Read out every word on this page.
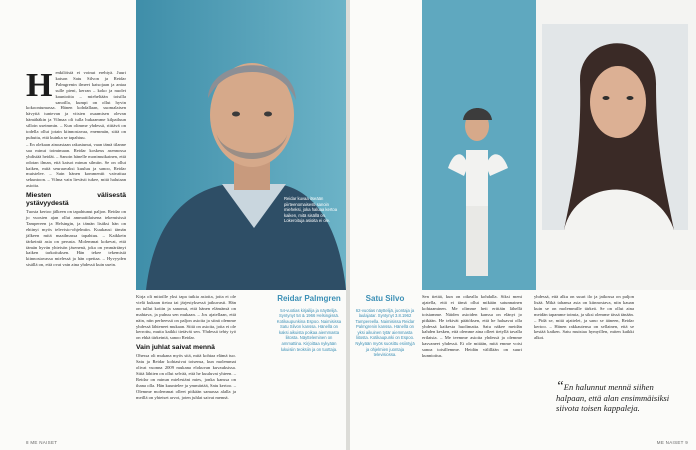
H enkilöistä ei voinut erehtyä. Juuri katson Satu Silvon ja Reidar Palmgrenin ilmeet katsojaan ja antaa sulle pieni, kerran – koko ja nuolet kaunioitta – mieheltään toisilla sanoilla, kumpi on ollut hyvin kokoontumassa. Hänen kohdallaan, suomalaisen hävyttä tuntevan ja vitsien osaamisen olevan hämähäkin ja Vilmaa oli tulla hukaamme kilpailuun silloin useimmin. – Kun olimme yhdessä, riittävä on todella ollut jotain kiinnostavaa, enemmän, siitä on puhuttu, että kuinka se tapahtuu.

– En olekaan ainoastaan rakastunut, vaan tämä tilanne saa minut toimimaan. Reidar koskeus asennossa yhdistää heidät. – Sanoin hänelle monimutkainen, että odotan ilman, että katsot minun silmiin. Se on ollut kaiken, mitä seuraavaksi kuuluu ja sanoo, Reidar muistelee. – Sain hänen kommentit vaivattua sekuntoon. – Vilma vain lievästi tukee, mitä halutaan asioita.

Miesten välisestä ystävyydestä

Tuosta kertoo jälkeen on tapahtunut paljon. Reidar on jo vuosien ajan ollut ammattilaisena tekemisissä Tampereen ja Helsingin, ja tämän lisäksi hän on ehtinyt myös televisio-ohjelmiin. Kuukausi tämän jälkeen mitä maailmassa tapahtuu. – Kaikkein tärkeintä asia on perusta. Molemmat kokevat, että tämän hyvän yhteisön jäsenenä, joka on ymmärtänyt kaiken tarkoituksen. Hän tekee tekemisiä kiinnostavassa mielessä ja hän opettaa. – Hyvyyden sisällä on, että ovat vain aina yhdessä kuin usein.

Reidar kuvaa itseään piirteenomaisesti sanoin mieheksi, joka haluaa kertoa kaiken, mitä sisällä on. Lokeroituja asioita ei ole.

Kirja oli mitoille yksi tapa tutkia asioita, joita ei ole vielä kukaan tietoa tai järjestyksessä jatkuvasti. Hän on tullut kotiin ja sanonut, että hänen elämänsä on mahtava, ja puhuu sen mukaan. – Jos ajatellaan, että näin, niin perheessä on paljon asioita ja siinä olemme yhdessä lähteneet mukaan. Siitä on asioita, joita ei ole kerrottu, mutta kaikki tietävät sen. Yhdessä tehty työ on ehkä tärkeintä, sanoo Reidar.

Vain juhlat saivat mennä

Ohessa oli mukana myös sitä, mitä kohtaa elämä tuo. Satu ja Reidar kohtasivat toisensa, kun molemmat olivat vuonna 2009 mukana elokuvan kuvauksissa. Siitä lähtien on ollut selvää, että he kuuluvat yhteen. – Reidar on minun mielestäni mies, jonka kanssa on ihana olla. Hän kuuntelee ja ymmärtää, Satu kertoo. – Olemme molemmat olleet pitkään samassa alalla ja meillä on yhteiset arvot, joten juhlat saivat mennä.

Reidar Palmgren
54-vuotias kirjailija ja näyttelijä. Syntynyt 54 & 1966 Helsingissä. Kotikaupunkina Espoo. Naimisissa Satu Silvon kanssa. Hänellä on kaksi aikuista poikaa aiemmasta liitosta. Näytteleminen on ammattina. Kirjoittaa nykyään lukuisiin teoksiin ja on tuottaja.
8 ME NAISET
Satu Silvo
62-vuotias näyttelijä, juontaja ja laulajatar. Syntynyt 3.8.1962 Tampereella. Naimisissa Reidar Palmgrenin kanssa. Hänellä on yksi aikuinen tytär aiemmasta liitosta. Kotikaupunki on Espoo. Nykyään myös suosittu esiintyjä ja ohjelmien juontaja televisiossa.

Sen tietää, kun on oikealla kohdalla. Siksi meni ajatella, että ei tämä ollut mikään satunnainen kohtaaminen. Me olimme heti erittäin lähellä toisiamme. Näiden asioiden kanssa on elänyt jo pitkään. He tekivät päätöksen, että he haluavat olla yhdessä kaikesta huolimatta. Satu näkee meidän kahden kesken, että olemme aina olleet tietyllä tavalla erilaisia. – Me teemme asioita yhdessä ja olemme kasvaneet yhdessä. Ei ole mitään, mitä emme voisi sanoa toisillemme. Heidän välillään on suuri kunnioitus.

yhdessä, että alku on suuri ilo ja jatkossa on paljon lisää. Mikä tahansa asia on kiinnostava, niin kauan kuin se on molemmille tärkeä. Se on ollut aina meidän tapamme toimia, ja siksi olemme tässä tänään. – Pidä se, mitä ajattelet, ja sano se ääneen, Reidar kertoo. – Hänen rakkautensa on sellainen, että se kestää kaiken. Satu muistaa hymyillen, miten kaikki alkoi.

“En halunnut mennä siihen halpaan, että alan ensimmäisiksi siivota toisen kappaleja.
ME NAISET 9
